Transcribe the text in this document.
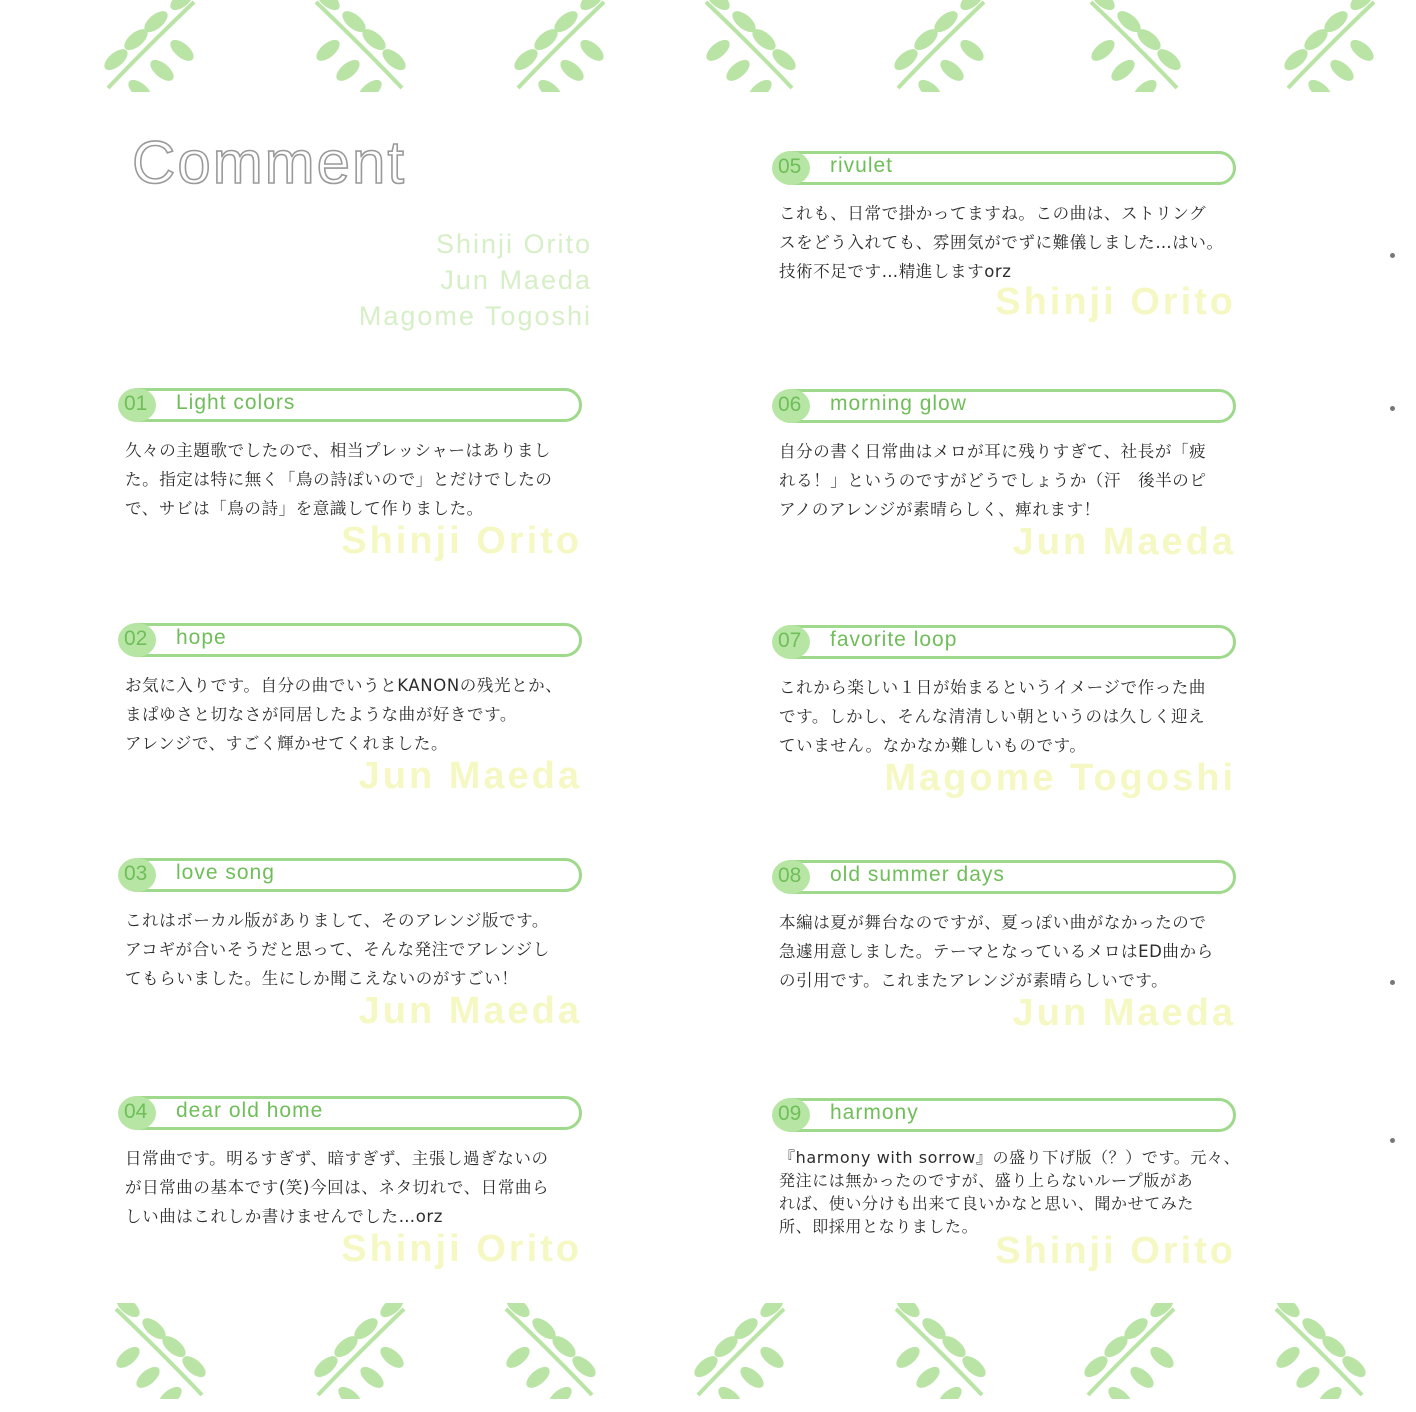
Comment
Shinji Orito
Jun Maeda
Magome Togoshi
01 Light colors
久々の主題歌でしたので、相当プレッシャーはありまし
た。指定は特に無く「鳥の詩ぽいので」とだけでしたの
で、サビは「鳥の詩」を意識して作りました。
Shinji Orito
02 hope
お気に入りです。自分の曲でいうとKANONの残光とか、
まぱゆさと切なさが同居したような曲が好きです。
アレンジで、すごく輝かせてくれました。
Jun Maeda
03 love song
これはボーカル版がありまして、そのアレンジ版です。
アコギが合いそうだと思って、そんな発注でアレンジし
てもらいました。生にしか聞こえないのがすごい！
Jun Maeda
04 dear old home
日常曲です。明るすぎず、暗すぎず、主張し過ぎないの
が日常曲の基本です(笑)今回は、ネタ切れで、日常曲ら
しい曲はこれしか書けませんでした…orz
Shinji Orito
05 rivulet
これも、日常で掛かってますね。この曲は、ストリング
スをどう入れても、雰囲気がでずに難儀しました…はい。
技術不足です…精進しますorz
Shinji Orito
06 morning glow
自分の書く日常曲はメロが耳に残りすぎて、社長が「疲
れる！」というのですがどうでしょうか（汗　後半のピ
アノのアレンジが素晴らしく、痺れます！
Jun Maeda
07 favorite loop
これから楽しい１日が始まるというイメージで作った曲
です。しかし、そんな清清しい朝というのは久しく迎え
ていません。なかなか難しいものです。
Magome Togoshi
08 old summer days
本編は夏が舞台なのですが、夏っぽい曲がなかったので
急遽用意しました。テーマとなっているメロはED曲から
の引用です。これまたアレンジが素晴らしいです。
Jun Maeda
09 harmony
『harmony with sorrow』の盛り下げ版（？）です。元々、
発注には無かったのですが、盛り上らないループ版があ
れば、使い分けも出来て良いかなと思い、聞かせてみた
所、即採用となりました。
Shinji Orito
